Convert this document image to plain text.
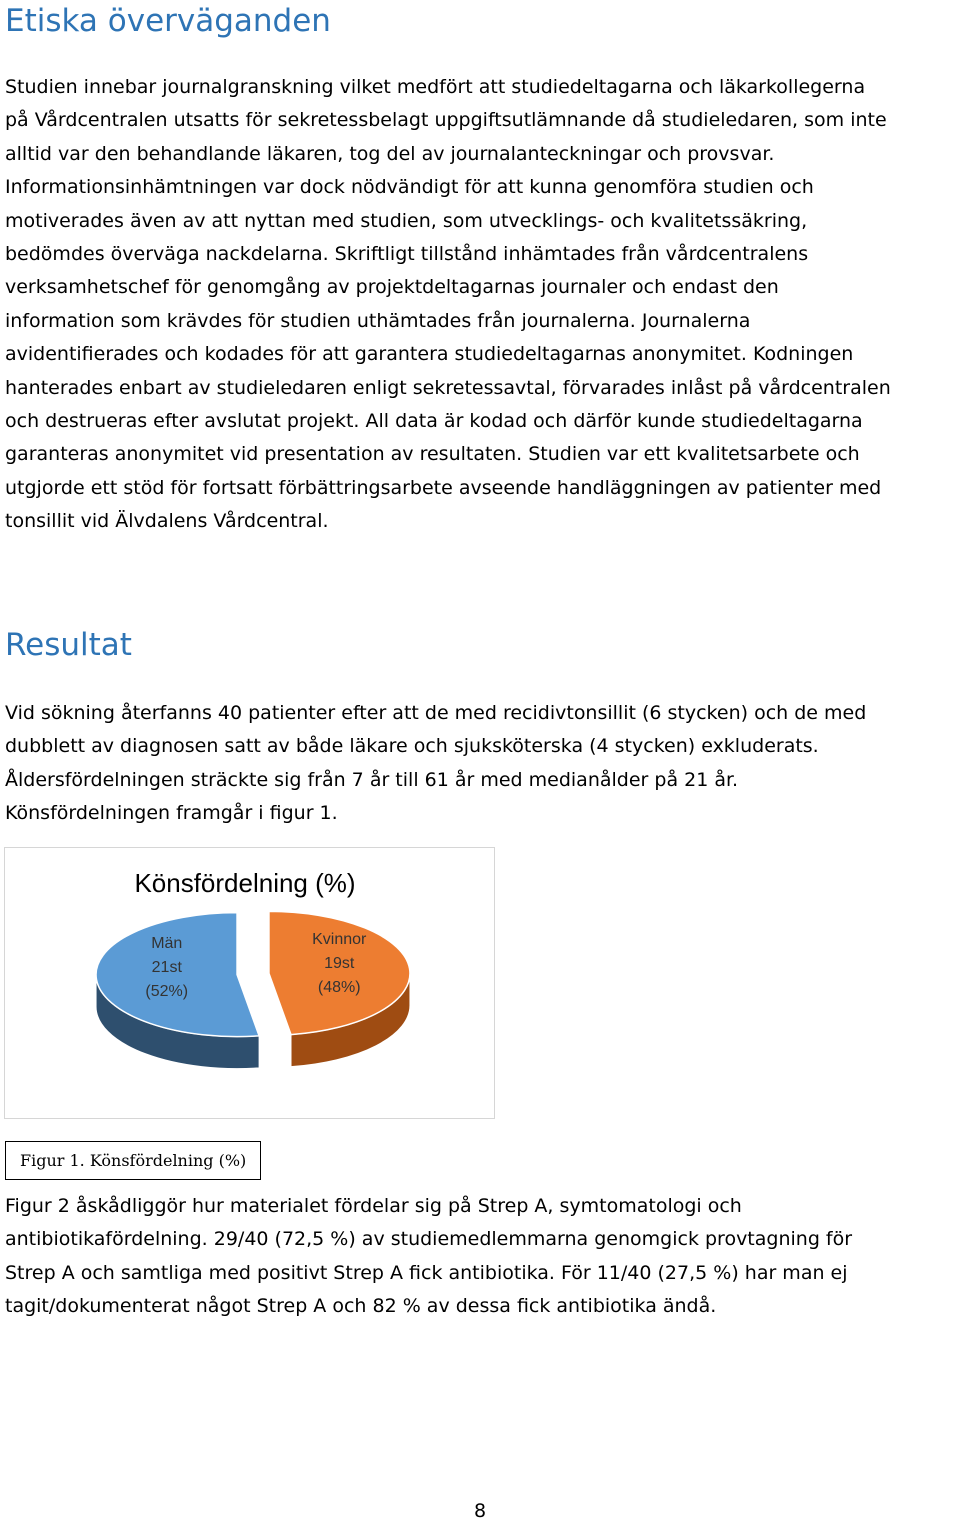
Etiska överväganden

Studien innebar journalgranskning vilket medfört att studiedeltagarna och läkarkollegerna
på Vårdcentralen utsatts för sekretessbelagt uppgiftsutlämnande då studieledaren, som inte
alltid var den behandlande läkaren, tog del av journalanteckningar och provsvar.
Informationsinhämtningen var dock nödvändigt för att kunna genomföra studien och
motiverades även av att nyttan med studien, som utvecklings- och kvalitetssäkring,
bedömdes överväga nackdelarna. Skriftligt tillstånd inhämtades från vårdcentralens
verksamhetschef för genomgång av projektdeltagarnas journaler och endast den
information som krävdes för studien uthämtades från journalerna. Journalerna
avidentifierades och kodades för att garantera studiedeltagarnas anonymitet. Kodningen
hanterades enbart av studieledaren enligt sekretessavtal, förvarades inlåst på vårdcentralen
och destrueras efter avslutat projekt. All data är kodad och därför kunde studiedeltagarna
garanteras anonymitet vid presentation av resultaten. Studien var ett kvalitetsarbete och
utgjorde ett stöd för fortsatt förbättringsarbete avseende handläggningen av patienter med
tonsillit vid Älvdalens Vårdcentral.

Resultat

Vid sökning återfanns 40 patienter efter att de med recidivtonsillit (6 stycken) och de med
dubblett av diagnosen satt av både läkare och sjuksköterska (4 stycken) exkluderats.
Åldersfördelningen sträckte sig från 7 år till 61 år med medianålder på 21 år.
Könsfördelningen framgår i figur 1.

Könsfördelning (%)
Kvinnor
19st
(48%)
Män
21st
(52%)
Figur 1. Könsfördelning (%)

Figur 2 åskådliggör hur materialet fördelar sig på Strep A, symtomatologi och
antibiotikafördelning. 29/40 (72,5 %) av studiemedlemmarna genomgick provtagning för
Strep A och samtliga med positivt Strep A fick antibiotika. För 11/40 (27,5 %) har man ej
tagit/dokumenterat något Strep A och 82 % av dessa fick antibiotika ändå.

8
